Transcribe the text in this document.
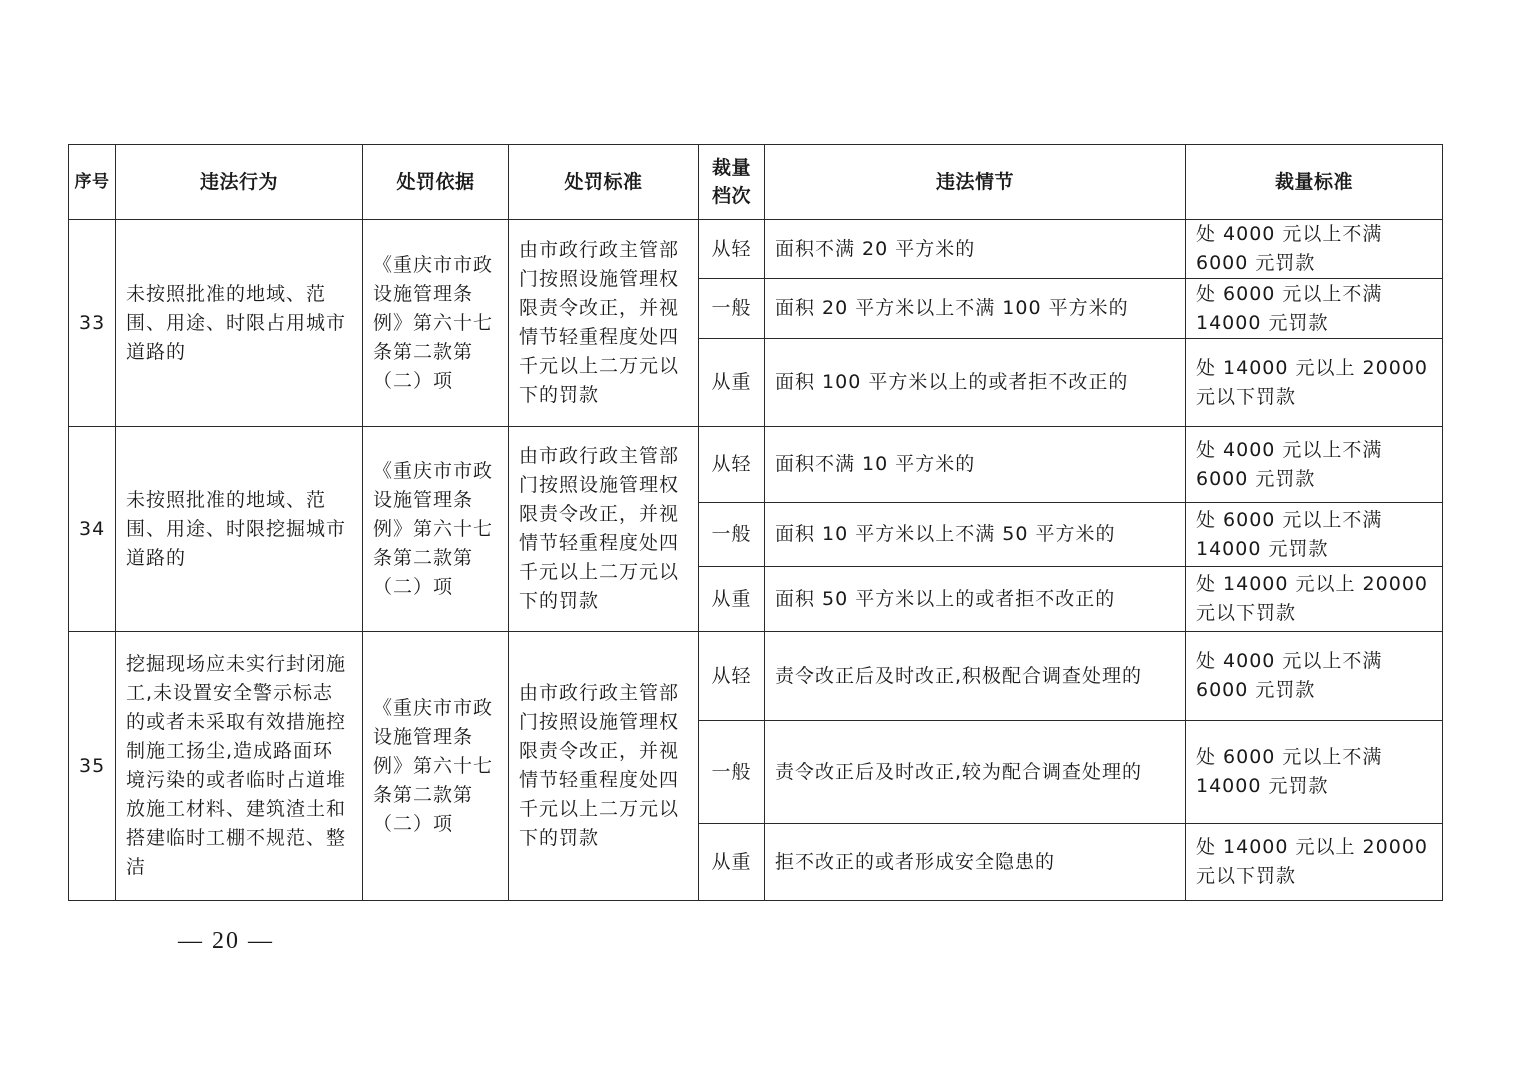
序号	违法行为	处罚依据	处罚标准	裁量档次	违法情节	裁量标准
33	未按照批准的地域、范围、用途、时限占用城市道路的	《重庆市市政设施管理条例》第六十七条第二款第（二）项	由市政行政主管部门按照设施管理权限责令改正，并视情节轻重程度处四千元以上二万元以下的罚款	从轻	面积不满 20 平方米的	处 4000 元以上不满 6000 元罚款
				一般	面积 20 平方米以上不满 100 平方米的	处 6000 元以上不满 14000 元罚款
				从重	面积 100 平方米以上的或者拒不改正的	处 14000 元以上 20000 元以下罚款
34	未按照批准的地域、范围、用途、时限挖掘城市道路的	《重庆市市政设施管理条例》第六十七条第二款第（二）项	由市政行政主管部门按照设施管理权限责令改正，并视情节轻重程度处四千元以上二万元以下的罚款	从轻	面积不满 10 平方米的	处 4000 元以上不满 6000 元罚款
				一般	面积 10 平方米以上不满 50 平方米的	处 6000 元以上不满 14000 元罚款
				从重	面积 50 平方米以上的或者拒不改正的	处 14000 元以上 20000 元以下罚款
35	挖掘现场应未实行封闭施工,未设置安全警示标志的或者未采取有效措施控制施工扬尘,造成路面环境污染的或者临时占道堆放施工材料、建筑渣土和搭建临时工棚不规范、整洁	《重庆市市政设施管理条例》第六十七条第二款第（二）项	由市政行政主管部门按照设施管理权限责令改正，并视情节轻重程度处四千元以上二万元以下的罚款	从轻	责令改正后及时改正,积极配合调查处理的	处 4000 元以上不满 6000 元罚款
				一般	责令改正后及时改正,较为配合调查处理的	处 6000 元以上不满 14000 元罚款
				从重	拒不改正的或者形成安全隐患的	处 14000 元以上 20000 元以下罚款
— 20 —
